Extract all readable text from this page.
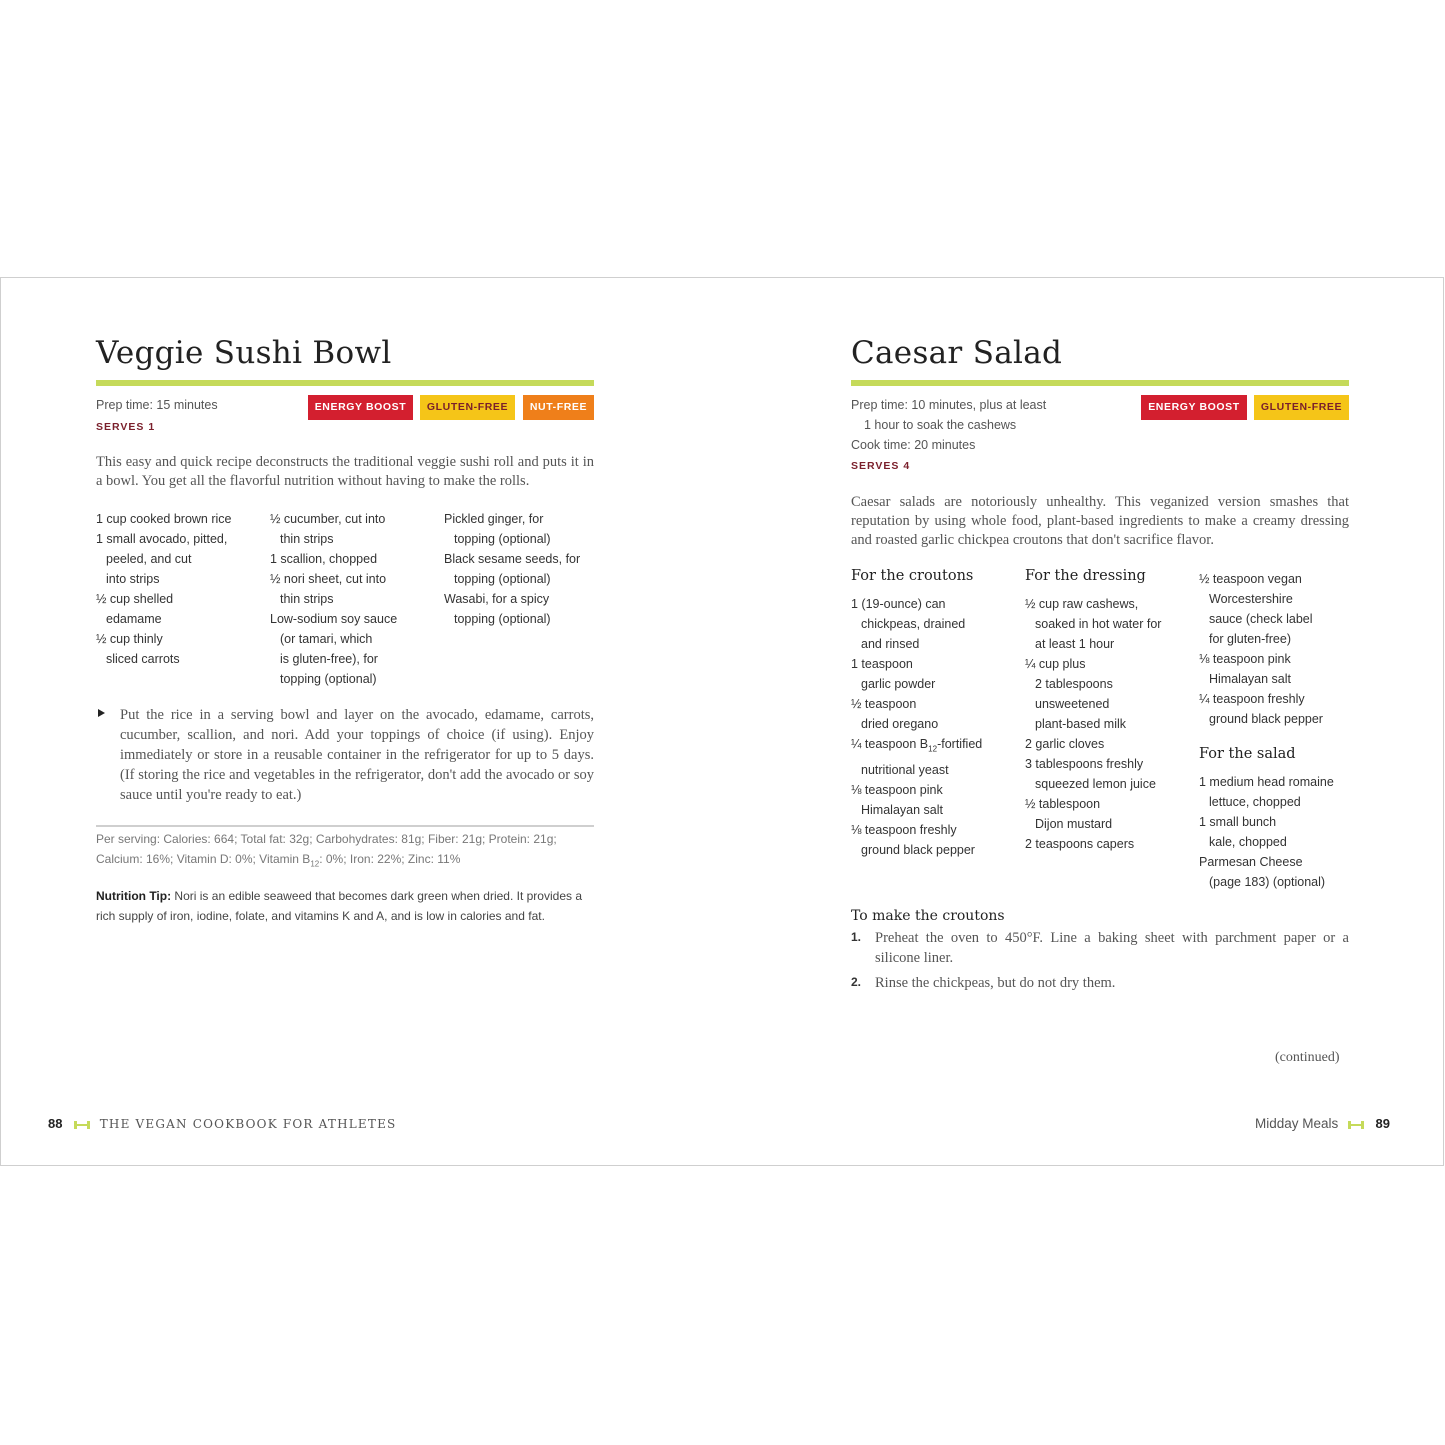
Veggie Sushi Bowl
Prep time: 15 minutes
SERVES 1
ENERGY BOOST	GLUTEN-FREE	NUT-FREE
This easy and quick recipe deconstructs the traditional veggie sushi roll and puts it in a bowl. You get all the flavorful nutrition without having to make the rolls.
1 cup cooked brown rice
1 small avocado, pitted,
peeled, and cut
into strips
½ cup shelled
edamame
½ cup thinly
sliced carrots
½ cucumber, cut into
thin strips
1 scallion, chopped
½ nori sheet, cut into
thin strips
Low-sodium soy sauce
(or tamari, which
is gluten-free), for
topping (optional)
Pickled ginger, for
topping (optional)
Black sesame seeds, for
topping (optional)
Wasabi, for a spicy
topping (optional)
Put the rice in a serving bowl and layer on the avocado, edamame, carrots, cucumber, scallion, and nori. Add your toppings of choice (if using). Enjoy immediately or store in a reusable container in the refrigerator for up to 5 days. (If storing the rice and vegetables in the refrigerator, don't add the avocado or soy sauce until you're ready to eat.)
Per serving: Calories: 664; Total fat: 32g; Carbohydrates: 81g; Fiber: 21g; Protein: 21g;
Calcium: 16%; Vitamin D: 0%; Vitamin $B_{12}$: 0%; Iron: 22%; Zinc: 11%
Nutrition Tip: Nori is an edible seaweed that becomes dark green when dried. It provides a rich supply of iron, iodine, folate, and vitamins K and A, and is low in calories and fat.
88	THE VEGAN COOKBOOK FOR ATHLETES
Caesar Salad
Prep time: 10 minutes, plus at least
1 hour to soak the cashews
Cook time: 20 minutes
SERVES 4
ENERGY BOOST	GLUTEN-FREE
Caesar salads are notoriously unhealthy. This veganized version smashes that reputation by using whole food, plant-based ingredients to make a creamy dressing and roasted garlic chickpea croutons that don't sacrifice flavor.
For the croutons
1 (19-ounce) can
chickpeas, drained
and rinsed
1 teaspoon
garlic powder
½ teaspoon
dried oregano
¼ teaspoon $B_{12}$-fortified
nutritional yeast
⅛ teaspoon pink
Himalayan salt
⅛ teaspoon freshly
ground black pepper
For the dressing
½ cup raw cashews,
soaked in hot water for
at least 1 hour
¼ cup plus
2 tablespoons
unsweetened
plant-based milk
2 garlic cloves
3 tablespoons freshly
squeezed lemon juice
½ tablespoon
Dijon mustard
2 teaspoons capers
½ teaspoon vegan
Worcestershire
sauce (check label
for gluten-free)
⅛ teaspoon pink
Himalayan salt
¼ teaspoon freshly
ground black pepper
For the salad
1 medium head romaine
lettuce, chopped
1 small bunch
kale, chopped
Parmesan Cheese
(page 183) (optional)
To make the croutons
1. Preheat the oven to 450°F. Line a baking sheet with parchment paper or a silicone liner.
2. Rinse the chickpeas, but do not dry them.
(continued)
Midday Meals	89
